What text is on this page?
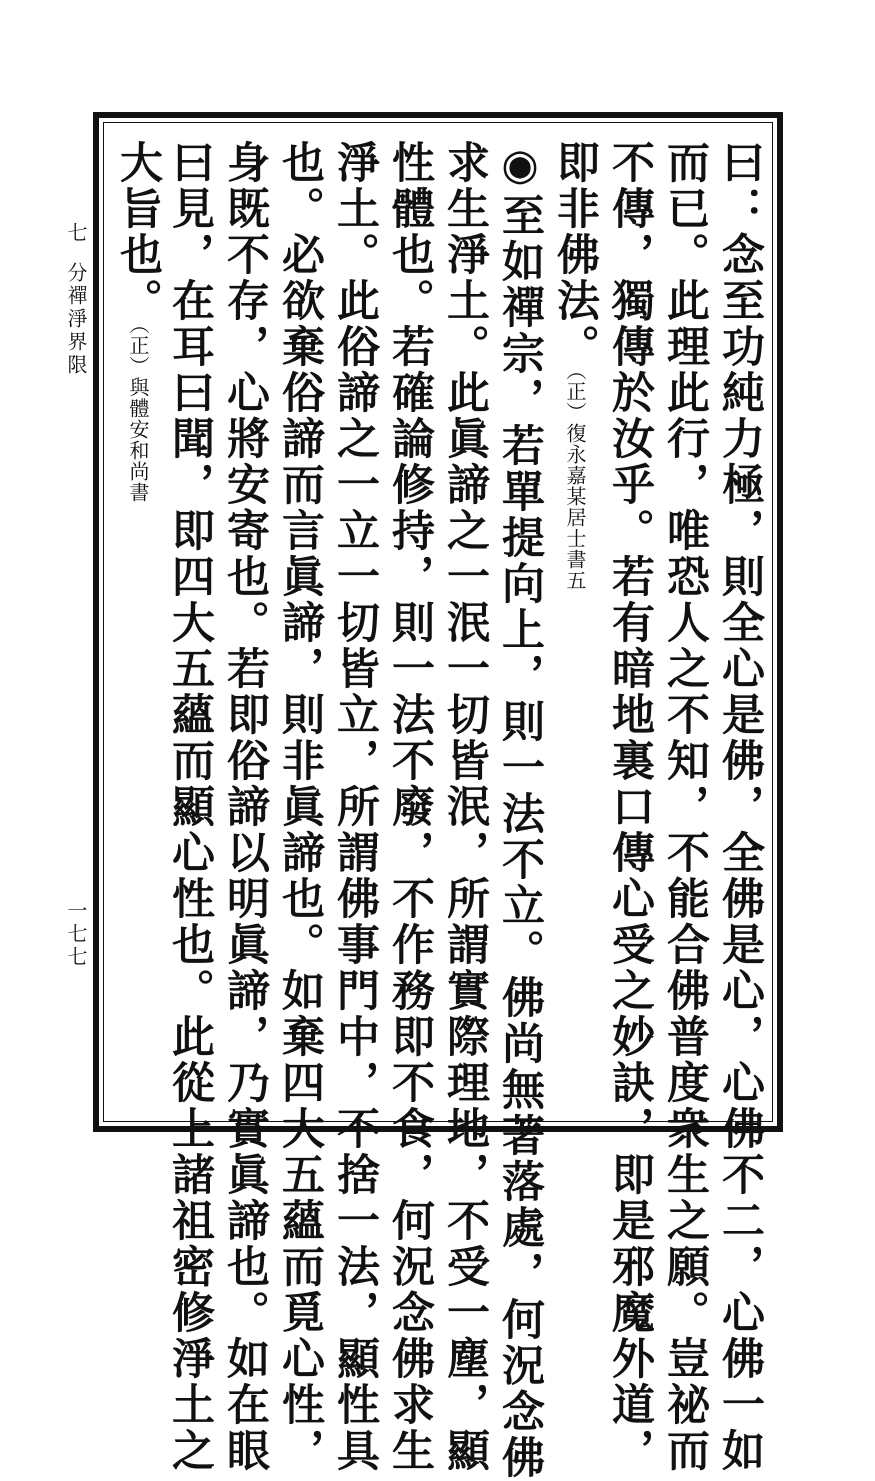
七
分禪淨界限
一七七	曰：念至功純力極，則全心是佛，全佛是心，心佛不二，心佛一如
而已。此理此行，唯恐人之不知，不能合佛普度衆生之願。豈祕而
不傳，獨傳於汝乎。若有暗地裏口傳心受之妙訣，即是邪魔外道，
即非佛法。（正）復永嘉某居士書五
◉至如禪宗，若單提向上，則一法不立。佛尚無著落處，何況念佛
求生淨土。此眞諦之一泯一切皆泯，所謂實際理地，不受一塵，顯
性體也。若確論修持，則一法不廢，不作務即不食，何況念佛求生
淨土。此俗諦之一立一切皆立，所謂佛事門中，不捨一法，顯性具
也。必欲棄俗諦而言眞諦，則非眞諦也。如棄四大五蘊而覓心性，
身既不存，心將安寄也。若即俗諦以明眞諦，乃實眞諦也。如在眼
曰見，在耳曰聞，即四大五蘊而顯心性也。此從上諸祖密修淨土之
大旨也。（正）與體安和尚書
